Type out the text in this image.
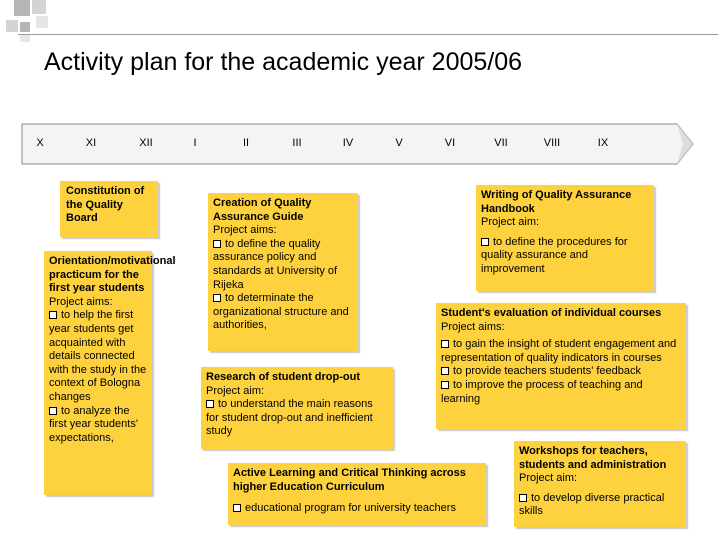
Activity plan for the academic year 2005/06
X	XI	XII	I	II	III	IV	V	VI	VII	VIII	IX
Constitution of the Quality Board
Orientation/motivational practicum for the first year students
Project aims:
to help the first year students get acquainted with details connected with the study in the context of Bologna changes
to analyze the first year students' expectations,
Creation of Quality Assurance Guide
Project aims:
to define the quality assurance policy and standards at University of Rijeka
to determinate the organizational structure and authorities,
Research of student drop-out
Project aim:
to understand the main reasons for student drop-out and inefficient study
Active Learning and Critical Thinking across higher Education Curriculum
educational program for university teachers
Writing of Quality Assurance Handbook
Project aim:
to define the procedures for quality assurance and improvement
Student's evaluation of individual courses
Project aims:
to gain the insight of student engagement and representation of quality indicators in courses
to provide teachers students' feedback
to improve the process of teaching and learning
Workshops for teachers, students and administration
Project aim:
to develop diverse practical skills
